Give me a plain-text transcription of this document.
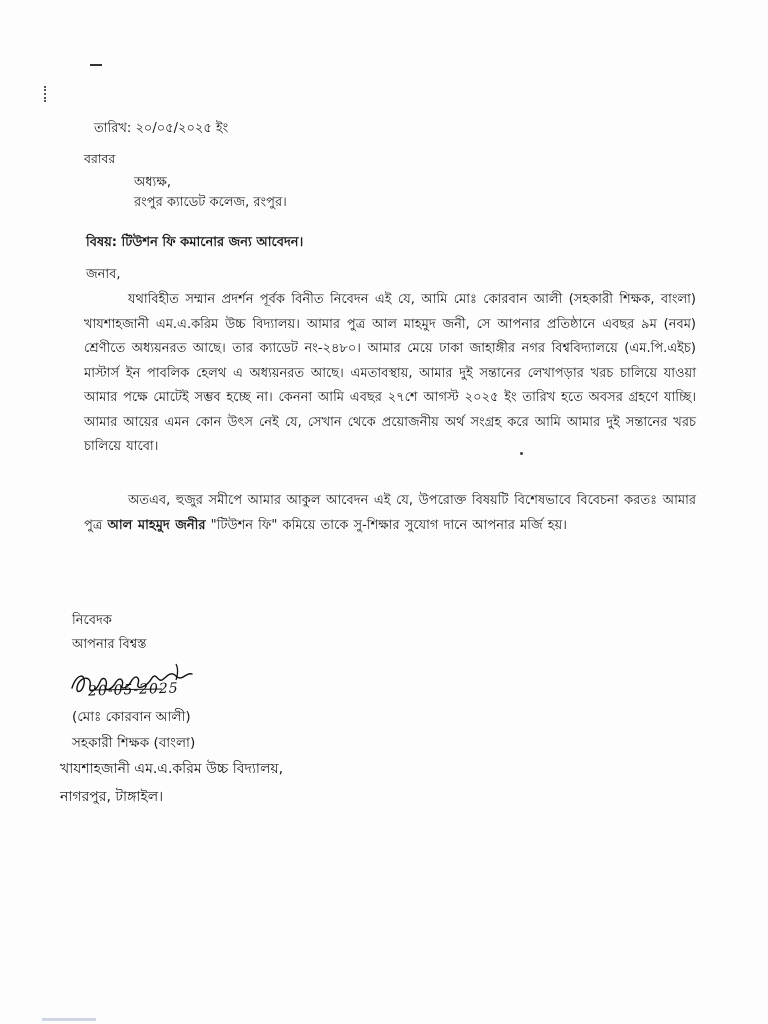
তারিখ: ২০/০৫/২০২৫ ইং
বরাবর
অধ্যক্ষ,
রংপুর ক্যাডেট কলেজ, রংপুর।
বিষয়: টিউশন ফি কমানোর জন্য আবেদন।
জনাব,
যথাবিহীত সম্মান প্রদর্শন পূর্বক বিনীত নিবেদন এই যে, আমি মোঃ কোরবান আলী (সহকারী শিক্ষক, বাংলা) খাযশাহজানী এম.এ.করিম উচ্চ বিদ্যালয়। আমার পুত্র আল মাহমুদ জনী, সে আপনার প্রতিষ্ঠানে এবছর ৯ম (নবম) শ্রেণীতে অধ্যয়নরত আছে। তার ক্যাডেট নং-২৪৮০। আমার মেয়ে ঢাকা জাহাঙ্গীর নগর বিশ্ববিদ্যালয়ে (এম.পি.এইচ) মাস্টার্স ইন পাবলিক হেলথ এ অধ্যয়নরত আছে। এমতাবস্থায়, আমার দুই সন্তানের লেখাপড়ার খরচ চালিয়ে যাওয়া আমার পক্ষে মোটেই সম্ভব হচ্ছে না। কেননা আমি এবছর ২৭শে আগস্ট ২০২৫ ইং তারিখ হতে অবসর গ্রহণে যাচ্ছি। আমার আয়ের এমন কোন উৎস নেই যে, সেখান থেকে প্রয়োজনীয় অর্থ সংগ্রহ করে আমি আমার দুই সন্তানের খরচ চালিয়ে যাবো।
অতএব, হুজুর সমীপে আমার আকুল আবেদন এই যে, উপরোক্ত বিষয়টি বিশেষভাবে বিবেচনা করতঃ আমার পুত্র আল মাহমুদ জনীর "টিউশন ফি" কমিয়ে তাকে সু-শিক্ষার সুযোগ দানে আপনার মর্জি হয়।
নিবেদক
আপনার বিশ্বস্ত
20-05-2025
(মোঃ কোরবান আলী)
সহকারী শিক্ষক (বাংলা)
খাযশাহজানী এম.এ.করিম উচ্চ বিদ্যালয়,
নাগরপুর, টাঙ্গাইল।
